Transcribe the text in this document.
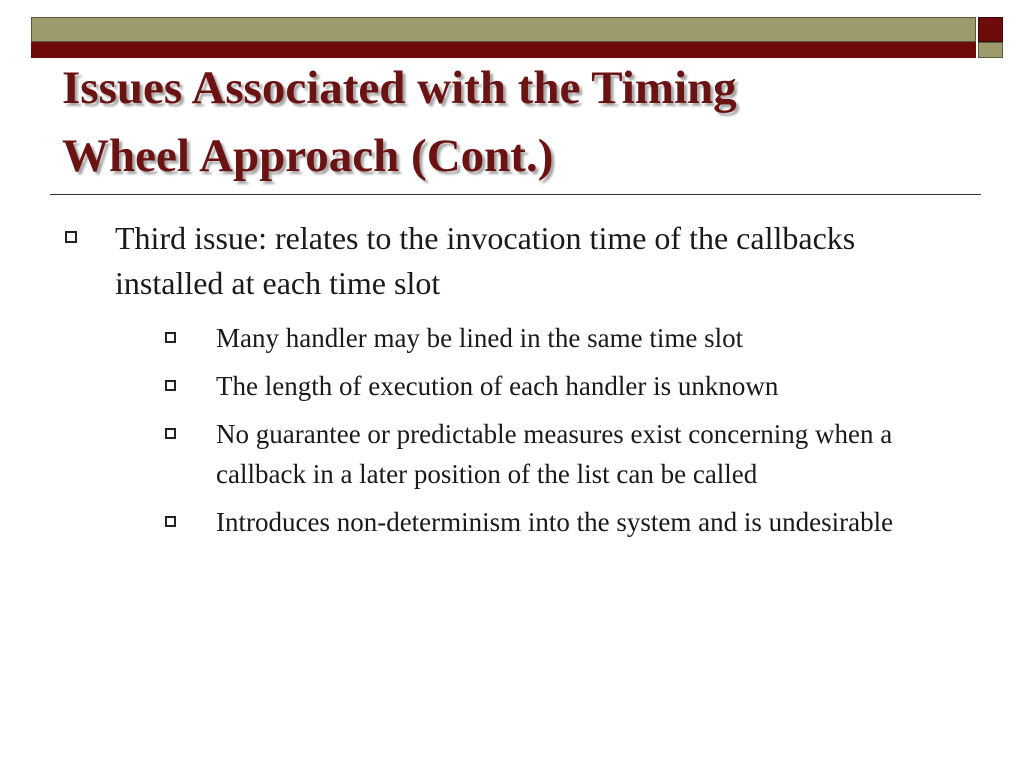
Issues Associated with the Timing
Wheel Approach (Cont.)
Third issue: relates to the invocation time of the callbacks installed at each time slot
Many handler may be lined in the same time slot
The length of execution of each handler is unknown
No guarantee or predictable measures exist concerning when a callback in a later position of the list can be called
Introduces non-determinism into the system and is undesirable
